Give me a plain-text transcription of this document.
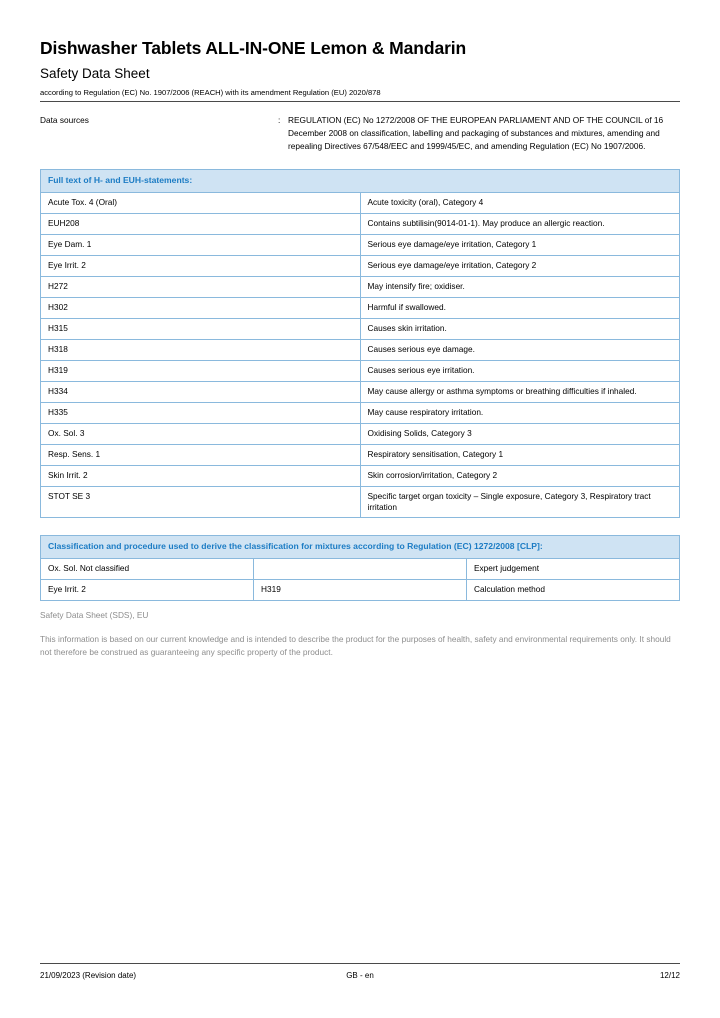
Dishwasher Tablets ALL-IN-ONE Lemon & Mandarin
Safety Data Sheet

according to Regulation (EC) No. 1907/2006 (REACH) with its amendment Regulation (EU) 2020/878

Data sources	: REGULATION (EC) No 1272/2008 OF THE EUROPEAN PARLIAMENT AND OF THE COUNCIL of 16 December 2008 on classification, labelling and packaging of substances and mixtures, amending and repealing Directives 67/548/EEC and 1999/45/EC, and amending Regulation (EC) No 1907/2006.
Full text of H- and EUH-statements:	
Acute Tox. 4 (Oral)	Acute toxicity (oral), Category 4
EUH208	Contains subtilisin(9014-01-1). May produce an allergic reaction.
Eye Dam. 1	Serious eye damage/eye irritation, Category 1
Eye Irrit. 2	Serious eye damage/eye irritation, Category 2
H272	May intensify fire; oxidiser.
H302	Harmful if swallowed.
H315	Causes skin irritation.
H318	Causes serious eye damage.
H319	Causes serious eye irritation.
H334	May cause allergy or asthma symptoms or breathing difficulties if inhaled.
H335	May cause respiratory irritation.
Ox. Sol. 3	Oxidising Solids, Category 3
Resp. Sens. 1	Respiratory sensitisation, Category 1
Skin Irrit. 2	Skin corrosion/irritation, Category 2
STOT SE 3	Specific target organ toxicity – Single exposure, Category 3, Respiratory tract irritation
Classification and procedure used to derive the classification for mixtures according to Regulation (EC) 1272/2008 [CLP]:		
Ox. Sol. Not classified		Expert judgement
Eye Irrit. 2	H319	Calculation method
Safety Data Sheet (SDS), EU
This information is based on our current knowledge and is intended to describe the product for the purposes of health, safety and environmental requirements only. It should not therefore be construed as guaranteeing any specific property of the product.
21/09/2023 (Revision date)	GB - en	12/12
